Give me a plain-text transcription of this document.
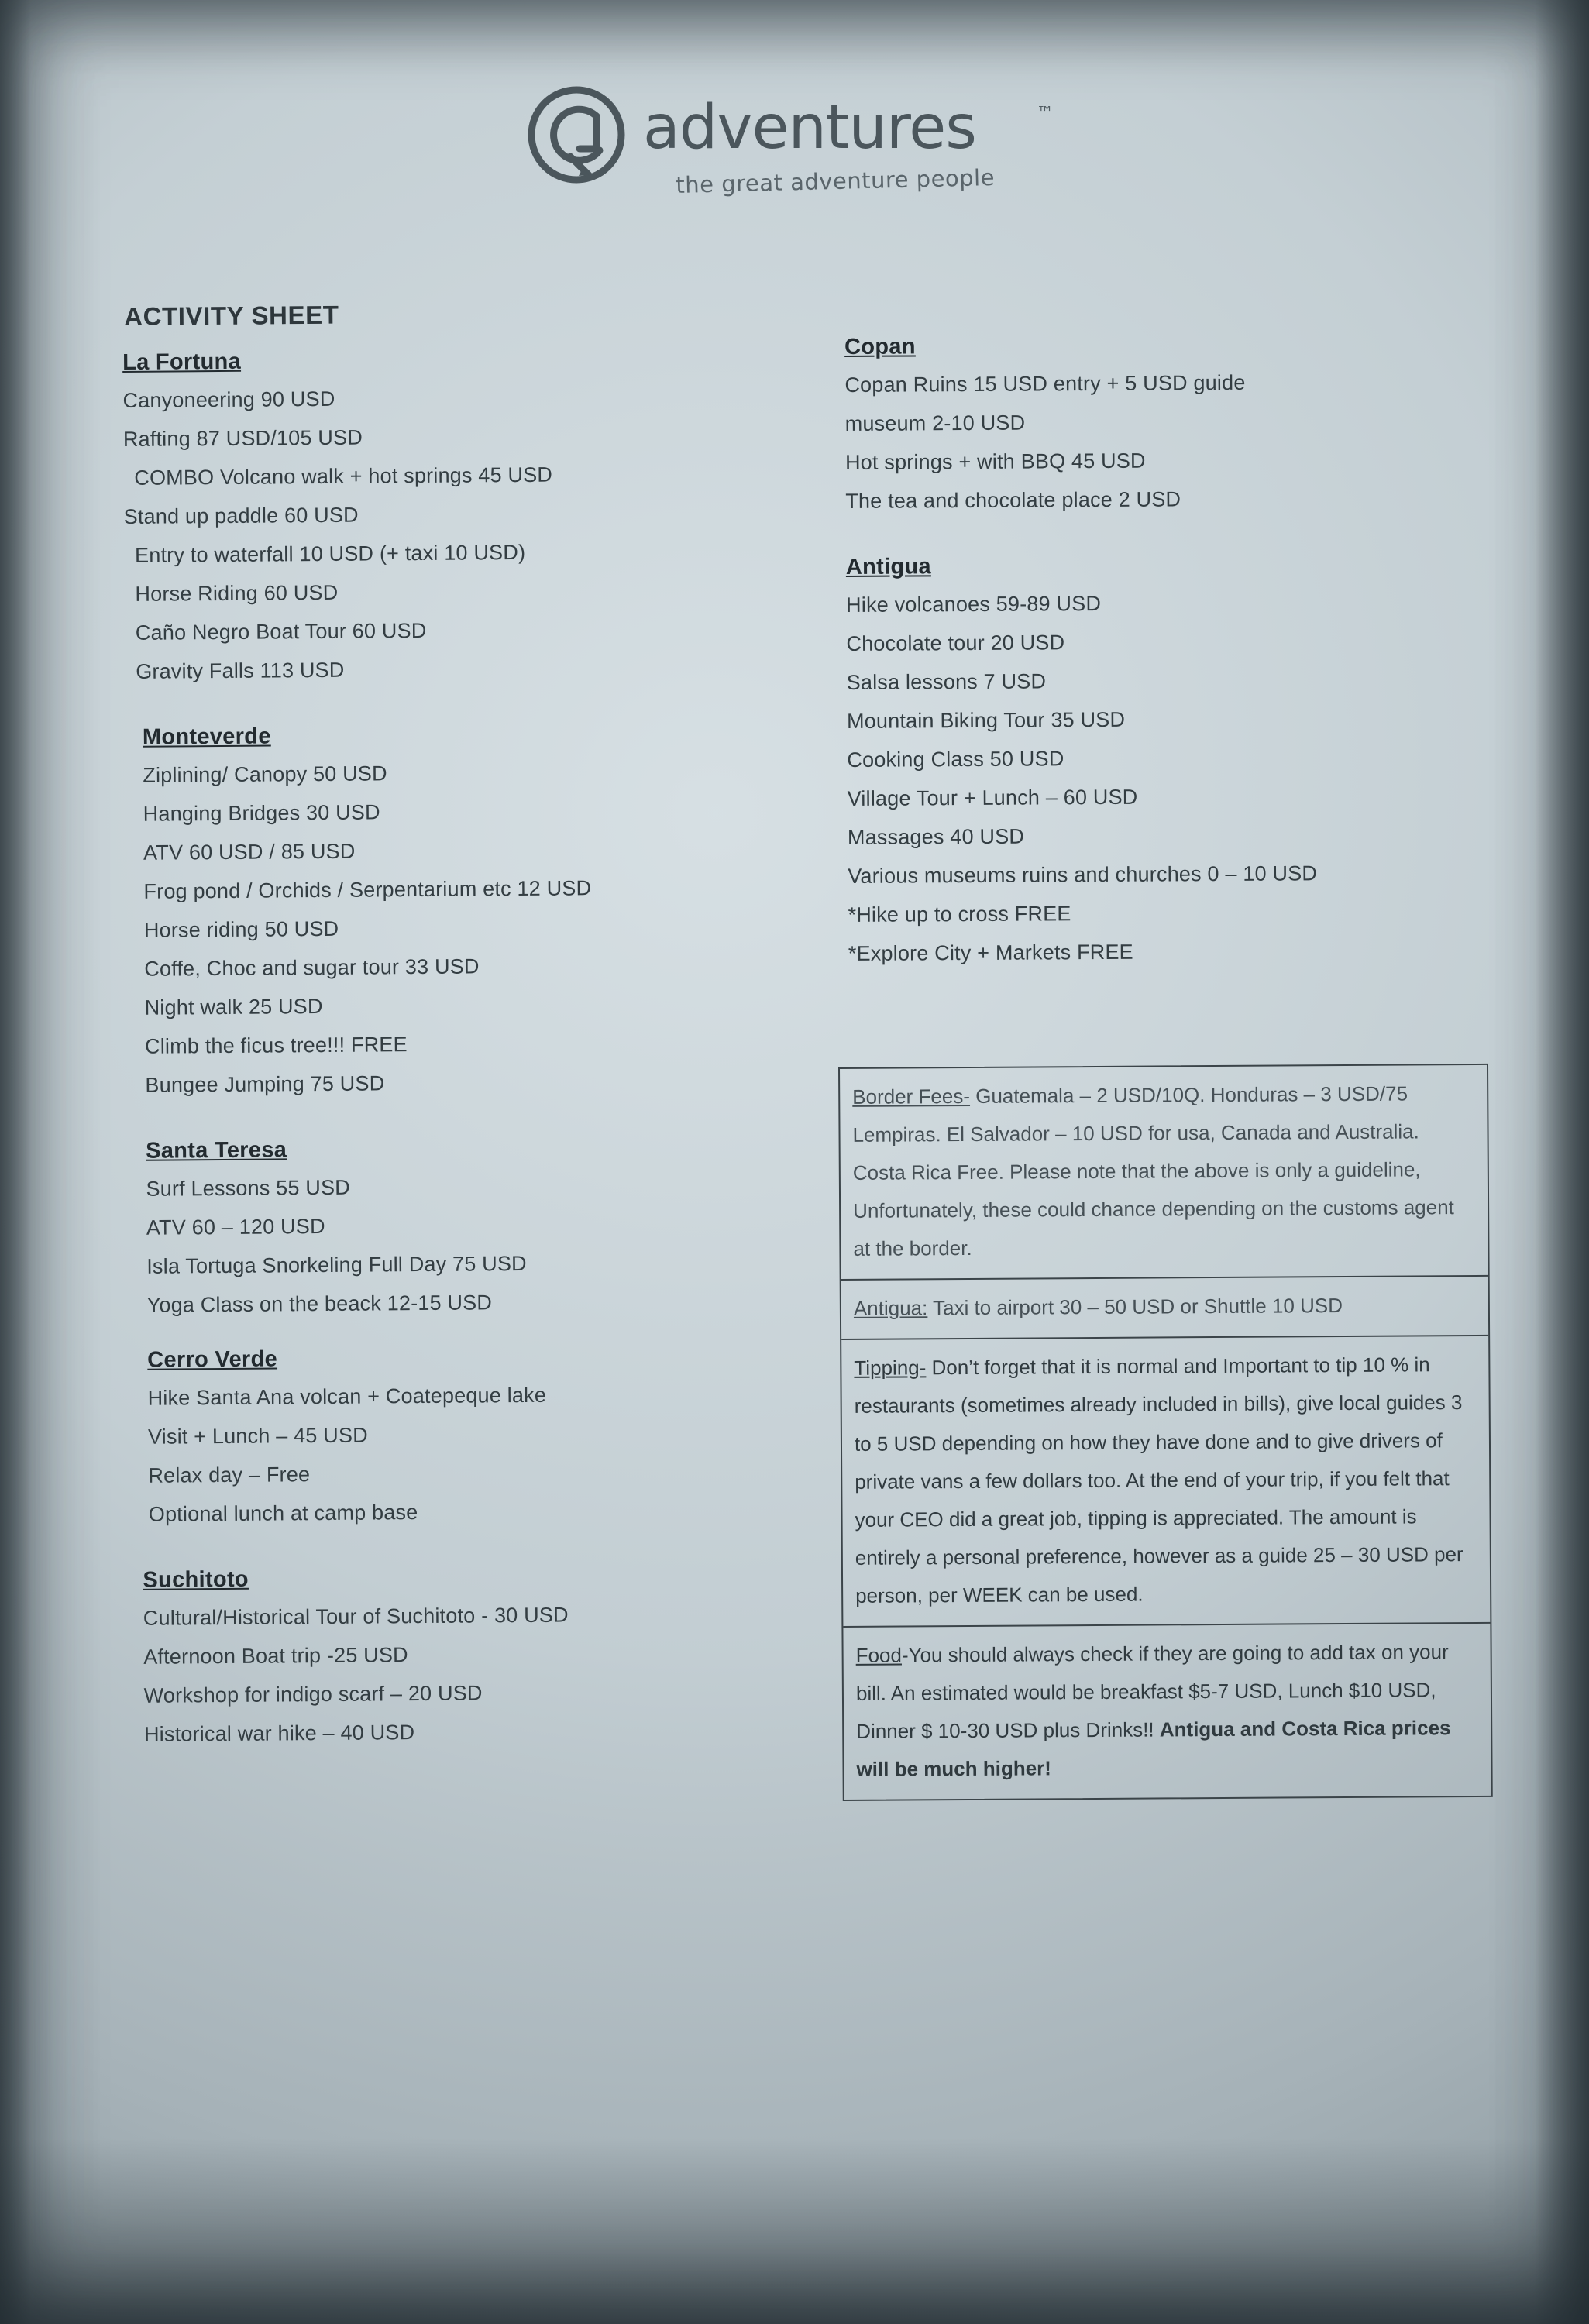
adventures	™
the great adventure people
ACTIVITY SHEET
La Fortuna
Canyoneering 90 USD
Rafting 87 USD/105 USD
COMBO Volcano walk + hot springs 45 USD
Stand up paddle 60 USD
Entry to waterfall 10 USD (+ taxi 10 USD)
Horse Riding 60 USD
Caño Negro Boat Tour 60 USD
Gravity Falls 113 USD
Monteverde
Ziplining/ Canopy 50 USD
Hanging Bridges 30 USD
ATV 60 USD / 85 USD
Frog pond / Orchids / Serpentarium etc 12 USD
Horse riding 50 USD
Coffe, Choc and sugar tour 33 USD
Night walk 25 USD
Climb the ficus tree!!! FREE
Bungee Jumping 75 USD
Santa Teresa
Surf Lessons 55 USD
ATV 60 – 120 USD
Isla Tortuga Snorkeling Full Day 75 USD
Yoga Class on the beack 12-15 USD
Cerro Verde
Hike Santa Ana volcan + Coatepeque lake
Visit + Lunch – 45 USD
Relax day – Free
Optional lunch at camp base
Suchitoto
Cultural/Historical Tour of Suchitoto - 30 USD
Afternoon Boat trip -25 USD
Workshop for indigo scarf – 20 USD
Historical war hike – 40 USD
Copan
Copan Ruins 15 USD entry + 5 USD guide
museum 2-10 USD
Hot springs + with BBQ 45 USD
The tea and chocolate place 2 USD
Antigua
Hike volcanoes 59-89 USD
Chocolate tour 20 USD
Salsa lessons 7 USD
Mountain Biking Tour 35 USD
Cooking Class 50 USD
Village Tour + Lunch – 60 USD
Massages 40 USD
Various museums ruins and churches 0 – 10 USD
*Hike up to cross FREE
*Explore City + Markets FREE

Border Fees- Guatemala – 2 USD/10Q. Honduras – 3 USD/75 Lempiras. El Salvador – 10 USD for usa, Canada and Australia. Costa Rica Free. Please note that the above is only a guideline, Unfortunately, these could chance depending on the customs agent at the border.

Antigua: Taxi to airport 30 – 50 USD or Shuttle 10 USD

Tipping- Don’t forget that it is normal and Important to tip 10 % in restaurants (sometimes already included in bills), give local guides 3 to 5 USD depending on how they have done and to give drivers of private vans a few dollars too. At the end of your trip, if you felt that your CEO did a great job, tipping is appreciated. The amount is entirely a personal preference, however as a guide 25 – 30 USD per person, per WEEK can be used.

Food-You should always check if they are going to add tax on your bill. An estimated would be breakfast $5-7 USD, Lunch $10 USD, Dinner $ 10-30 USD plus Drinks!! Antigua and Costa Rica prices will be much higher!
